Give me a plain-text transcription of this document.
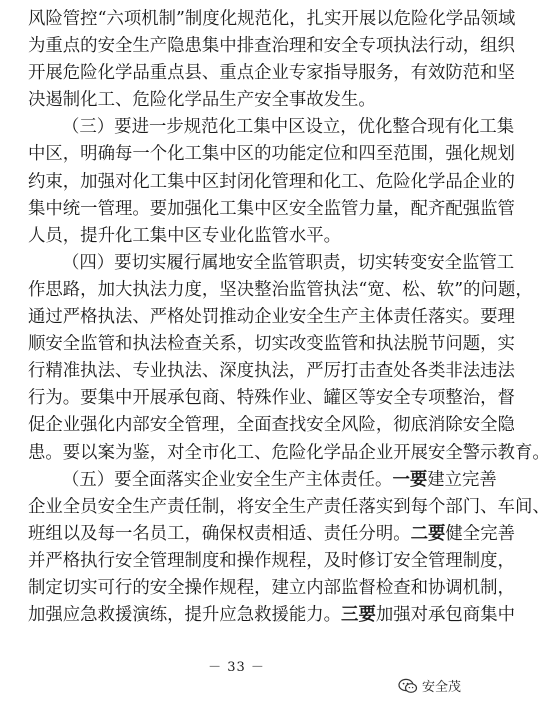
风险管控“六项机制”制度化规范化，扎实开展以危险化学品领域
为重点的安全生产隐患集中排查治理和安全专项执法行动，组织
开展危险化学品重点县、重点企业专家指导服务，有效防范和坚
决遏制化工、危险化学品生产安全事故发生。
（三）要进一步规范化工集中区设立，优化整合现有化工集
中区，明确每一个化工集中区的功能定位和四至范围，强化规划
约束，加强对化工集中区封闭化管理和化工、危险化学品企业的
集中统一管理。要加强化工集中区安全监管力量，配齐配强监管
人员，提升化工集中区专业化监管水平。
（四）要切实履行属地安全监管职责，切实转变安全监管工
作思路，加大执法力度，坚决整治监管执法“宽、松、软”的问题，
通过严格执法、严格处罚推动企业安全生产主体责任落实。要理
顺安全监管和执法检查关系，切实改变监管和执法脱节问题，实
行精准执法、专业执法、深度执法，严厉打击查处各类非法违法
行为。要集中开展承包商、特殊作业、罐区等安全专项整治，督
促企业强化内部安全管理，全面查找安全风险，彻底消除安全隐
患。要以案为鉴，对全市化工、危险化学品企业开展安全警示教育。
（五）要全面落实企业安全生产主体责任。一要建立完善
企业全员安全生产责任制，将安全生产责任落实到每个部门、车间、
班组以及每一名员工，确保权责相适、责任分明。二要健全完善
并严格执行安全管理制度和操作规程，及时修订安全管理制度，
制定切实可行的安全操作规程，建立内部监督检查和协调机制，
加强应急救援演练，提升应急救援能力。三要加强对承包商集中
－ 33 －
安全茂
